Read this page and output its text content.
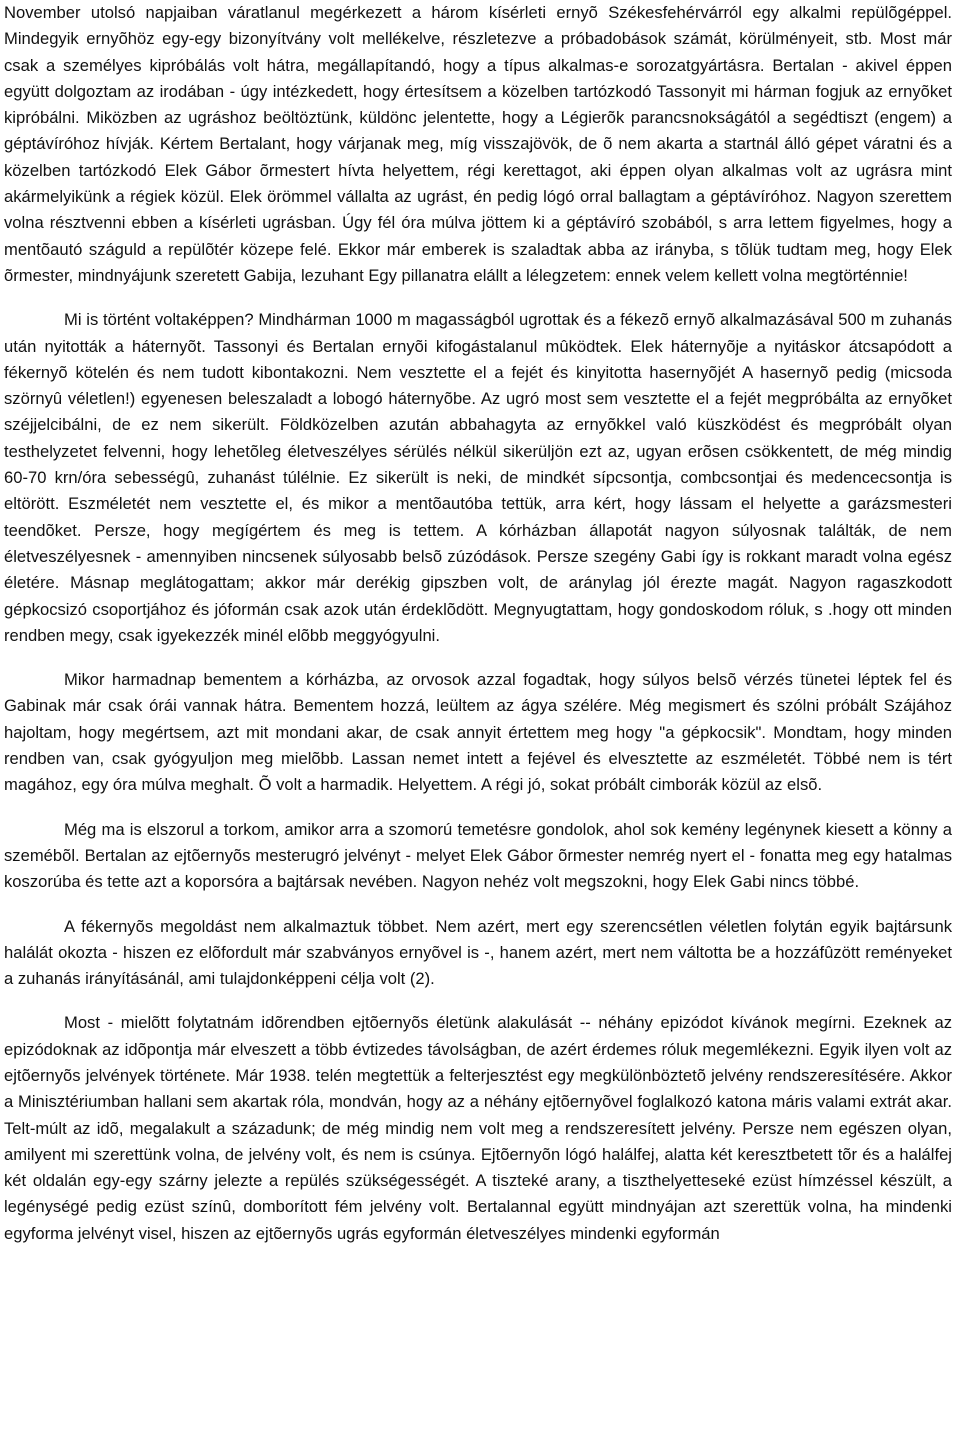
November utolsó napjaiban váratlanul megérkezett a három kísérleti ernyõ Székesfehérvárról egy alkalmi repülõgéppel. Mindegyik ernyõhöz egy-egy bizonyítvány volt mellékelve, részletezve a próbadobások számát, körülményeit, stb. Most már csak a személyes kipróbálás volt hátra, megállapítandó, hogy a típus alkalmas-e sorozatgyártásra. Bertalan - akivel éppen együtt dolgoztam az irodában - úgy intézkedett, hogy értesítsem a közelben tartózkodó Tassonyit mi hárman fogjuk az ernyõket kipróbálni. Miközben az ugráshoz beöltöztünk, küldönc jelentette, hogy a Légierõk parancsnokságától a segédtiszt (engem) a géptávíróhoz hívják. Kértem Bertalant, hogy várjanak meg, míg visszajövök, de õ nem akarta a startnál álló gépet váratni és a közelben tartózkodó Elek Gábor õrmestert hívta helyettem, régi kerettagot, aki éppen olyan alkalmas volt az ugrásra mint akármelyikünk a régiek közül. Elek örömmel vállalta az ugrást, én pedig lógó orral ballagtam a géptávíróhoz. Nagyon szerettem volna résztvenni ebben a kísérleti ugrásban. Úgy fél óra múlva jöttem ki a géptávíró szobából, s arra lettem figyelmes, hogy a mentõautó száguld a repülõtér közepe felé. Ekkor már emberek is szaladtak abba az irányba, s tõlük tudtam meg, hogy Elek õrmester, mindnyájunk szeretett Gabija, lezuhant Egy pillanatra elállt a lélegzetem: ennek velem kellett volna megtörténnie!

Mi is történt voltaképpen? Mindhárman 1000 m magasságból ugrottak és a fékezõ ernyõ alkalmazásával 500 m zuhanás után nyitották a háternyõt. Tassonyi és Bertalan ernyõi kifogástalanul mûködtek. Elek háternyõje a nyitáskor átcsapódott a fékernyõ kötelén és nem tudott kibontakozni. Nem vesztette el a fejét és kinyitotta hasernyõjét A hasernyõ pedig (micsoda szörnyû véletlen!) egyenesen beleszaladt a lobogó háternyõbe. Az ugró most sem vesztette el a fejét megpróbálta az ernyõket széjjelcibálni, de ez nem sikerült. Földközelben azután abbahagyta az ernyõkkel való küszködést és megpróbált olyan testhelyzetet felvenni, hogy lehetõleg életveszélyes sérülés nélkül sikerüljön ezt az, ugyan erõsen csökkentett, de még mindig 60-70 krn/óra sebességû, zuhanást túlélnie. Ez sikerült is neki, de mindkét sípcsontja, combcsontjai és medencecsontja is eltörött. Eszméletét nem vesztette el, és mikor a mentõautóba tettük, arra kért, hogy lássam el helyette a garázsmesteri teendõket. Persze, hogy megígértem és meg is tettem. A kórházban állapotát nagyon súlyosnak találták, de nem életveszélyesnek - amennyiben nincsenek súlyosabb belsõ zúzódások. Persze szegény Gabi így is rokkant maradt volna egész életére. Másnap meglátogattam; akkor már derékig gipszben volt, de aránylag jól érezte magát. Nagyon ragaszkodott gépkocsizó csoportjához és jóformán csak azok után érdeklõdött. Megnyugtattam, hogy gondoskodom róluk, s .hogy ott minden rendben megy, csak igyekezzék minél elõbb meggyógyulni.

Mikor harmadnap bementem a kórházba, az orvosok azzal fogadtak, hogy súlyos belsõ vérzés tünetei léptek fel és Gabinak már csak órái vannak hátra. Bementem hozzá, leültem az ágya szélére. Még megismert és szólni próbált Szájához hajoltam, hogy megértsem, azt mit mondani akar, de csak annyit értettem meg hogy "a gépkocsik". Mondtam, hogy minden rendben van, csak gyógyuljon meg mielõbb. Lassan nemet intett a fejével és elvesztette az eszméletét. Többé nem is tért magához, egy óra múlva meghalt. Õ volt a harmadik. Helyettem. A régi jó, sokat próbált cimborák közül az elsõ.

Még ma is elszorul a torkom, amikor arra a szomorú temetésre gondolok, ahol sok kemény legénynek kiesett a könny a szemébõl. Bertalan az ejtõernyõs mesterugró jelvényt - melyet Elek Gábor õrmester nemrég nyert el - fonatta meg egy hatalmas koszorúba és tette azt a koporsóra a bajtársak nevében. Nagyon nehéz volt megszokni, hogy Elek Gabi nincs többé.

A fékernyõs megoldást nem alkalmaztuk többet. Nem azért, mert egy szerencsétlen véletlen folytán egyik bajtársunk halálát okozta - hiszen ez elõfordult már szabványos ernyõvel is -, hanem azért, mert nem váltotta be a hozzáfûzött reményeket a zuhanás irányításánál, ami tulajdonképpeni célja volt (2).

Most - mielõtt folytatnám idõrendben ejtõernyõs életünk alakulását -- néhány epizódot kívánok megírni. Ezeknek az epizódoknak az idõpontja már elveszett a több évtizedes távolságban, de azért érdemes róluk megemlékezni. Egyik ilyen volt az ejtõernyõs jelvények története. Már 1938. telén megtettük a felterjesztést egy megkülönböztetõ jelvény rendszeresítésére. Akkor a Minisztériumban hallani sem akartak róla, mondván, hogy az a néhány ejtõernyõvel foglalkozó katona máris valami extrát akar. Telt-múlt az idõ, megalakult a századunk; de még mindig nem volt meg a rendszeresített jelvény. Persze nem egészen olyan, amilyent mi szerettünk volna, de jelvény volt, és nem is csúnya. Ejtõernyõn lógó halálfej, alatta két keresztbetett tõr és a halálfej két oldalán egy-egy szárny jelezte a repülés szükségességét. A tiszteké arany, a tiszthelyetteseké ezüst hímzéssel készült, a legénységé pedig ezüst színû, domborított fém jelvény volt. Bertalannal együtt mindnyájan azt szerettük volna, ha mindenki egyforma jelvényt visel, hiszen az ejtõernyõs ugrás egyformán életveszélyes mindenki egyformán
